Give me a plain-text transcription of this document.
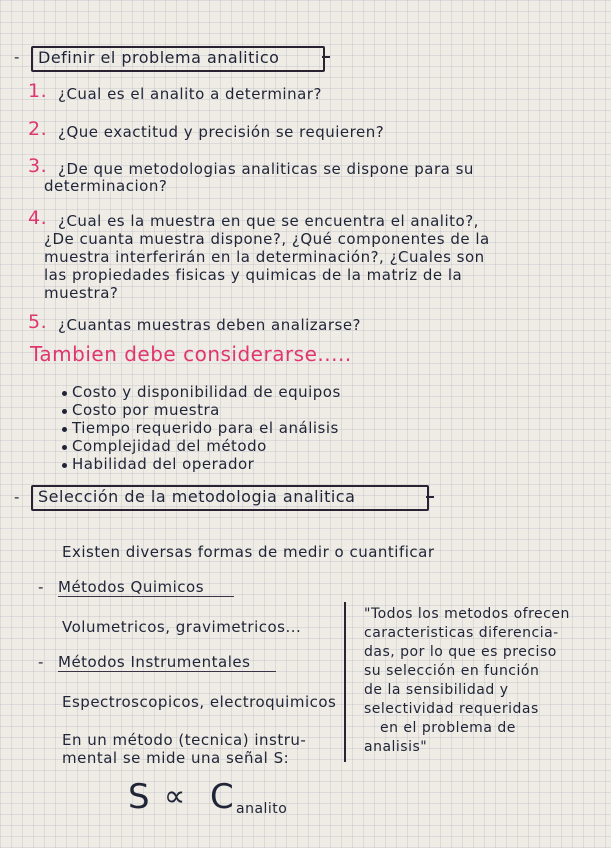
- Definir el problema analitico
1. ¿Cual es el analito a determinar?
2. ¿Que exactitud y precisión se requieren?
3. ¿De que metodologias analiticas se dispone para su
determinacion?
4. ¿Cual es la muestra en que se encuentra el analito?,
¿De cuanta muestra dispone?, ¿Qué componentes de la
muestra interferirán en la determinación?, ¿Cuales son
las propiedades fisicas y quimicas de la matriz de la
muestra?
5. ¿Cuantas muestras deben analizarse?
Tambien debe considerarse.....
Costo y disponibilidad de equipos
Costo por muestra
Tiempo requerido para el análisis
Complejidad del método
Habilidad del operador
- Selección de la metodologia analitica
Existen diversas formas de medir o cuantificar
- Métodos Quimicos
Volumetricos, gravimetricos...
- Métodos Instrumentales
Espectroscopicos, electroquimicos
En un método (tecnica) instru-
mental se mide una señal S:
"Todos los metodos ofrecen
caracteristicas diferencia-
das, por lo que es preciso
su selección en función
de la sensibilidad y
selectividad requeridas
en el problema de
analisis"
S ∝ C analito
